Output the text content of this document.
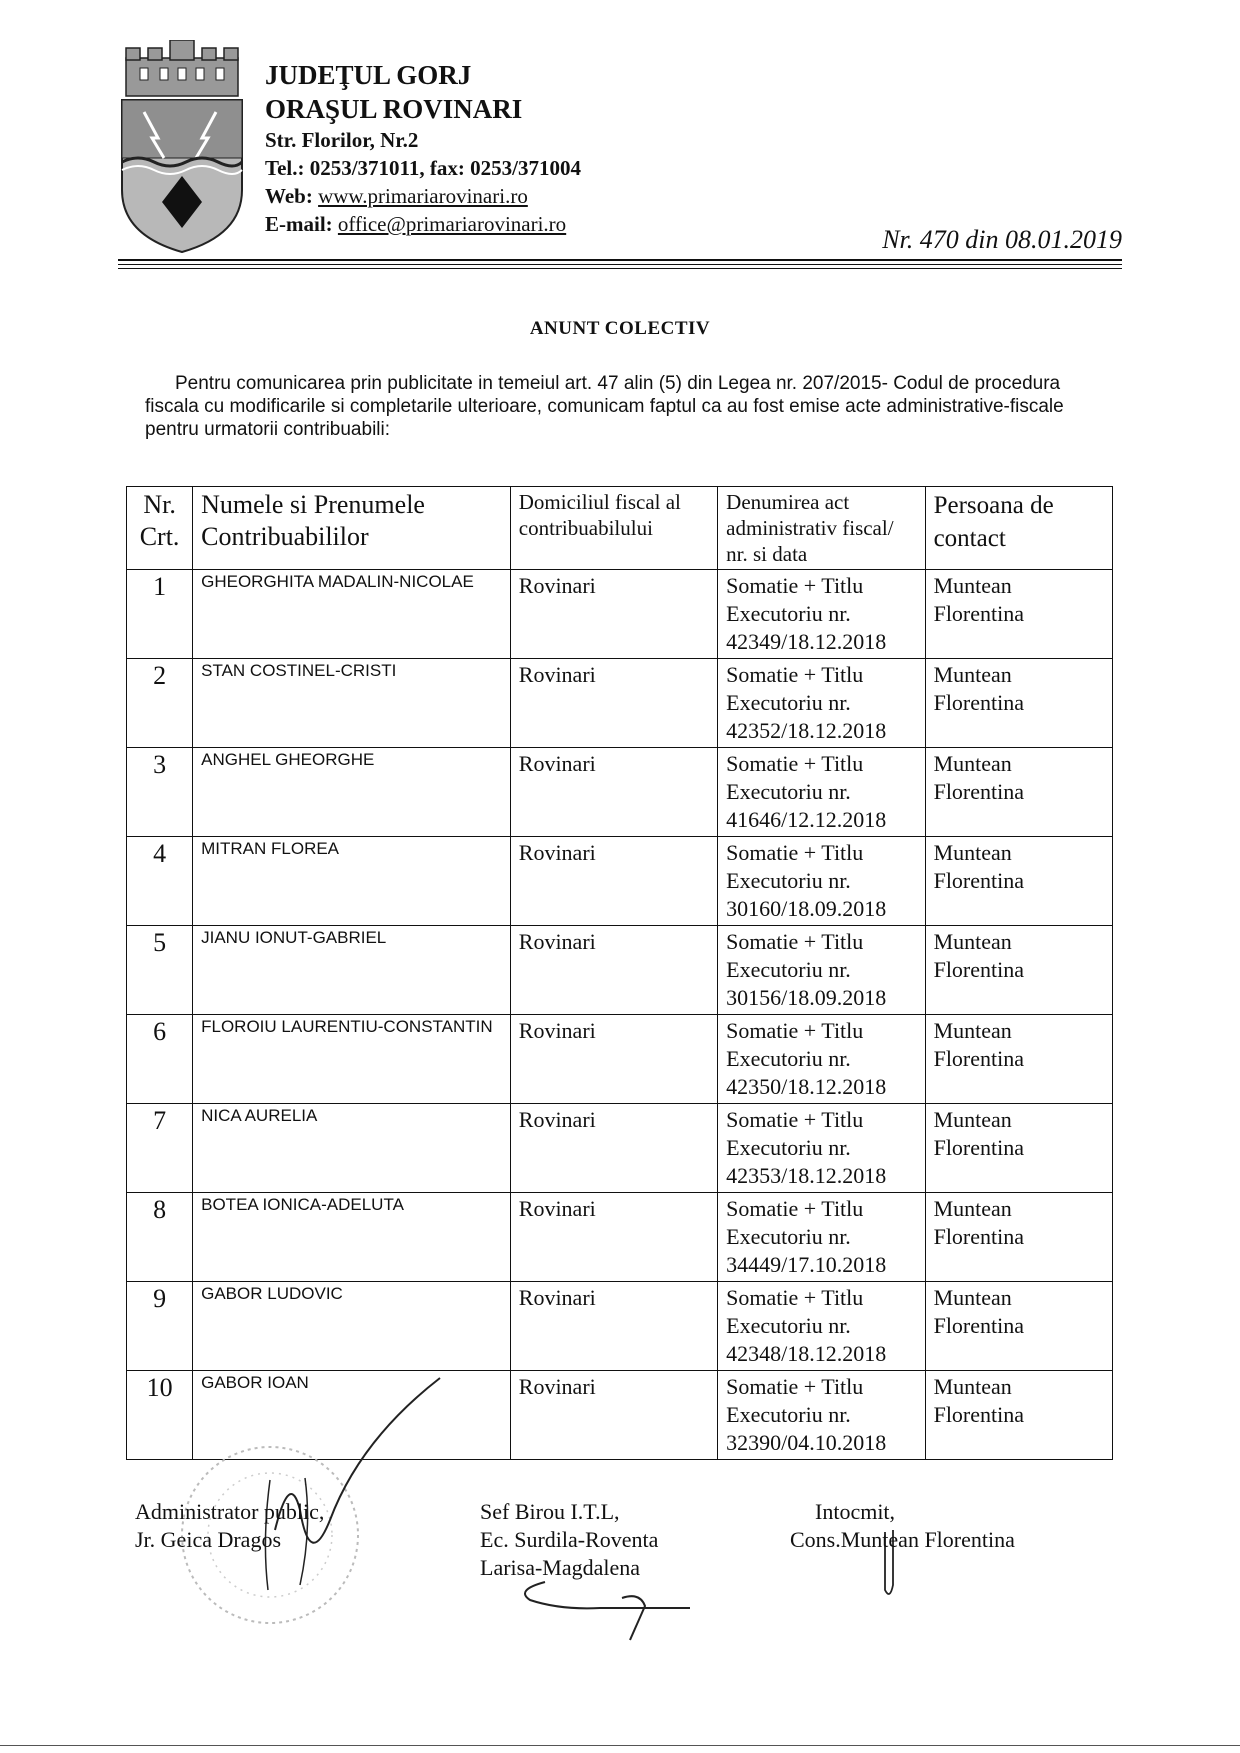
JUDEŢUL GORJ
ORAŞUL ROVINARI
Str. Florilor, Nr.2
Tel.: 0253/371011, fax: 0253/371004
Web: www.primariarovinari.ro
E-mail: office@primariarovinari.ro
Nr. 470 din 08.01.2019
ANUNT COLECTIV
Pentru comunicarea prin publicitate in temeiul art. 47 alin (5) din Legea nr. 207/2015- Codul de procedura fiscala cu modificarile si completarile ulterioare, comunicam faptul ca au fost emise acte administrative-fiscale pentru urmatorii contribuabili:
Nr. Crt.	Numele si Prenumele Contribuabililor	Domiciliul fiscal al contribuabilului	Denumirea act administrativ fiscal/ nr. si data	Persoana de contact
1	GHEORGHITA MADALIN-NICOLAE	Rovinari	Somatie + Titlu Executoriu nr. 42349/18.12.2018	Muntean Florentina
2	STAN COSTINEL-CRISTI	Rovinari	Somatie + Titlu Executoriu nr. 42352/18.12.2018	Muntean Florentina
3	ANGHEL GHEORGHE	Rovinari	Somatie + Titlu Executoriu nr. 41646/12.12.2018	Muntean Florentina
4	MITRAN FLOREA	Rovinari	Somatie + Titlu Executoriu nr. 30160/18.09.2018	Muntean Florentina
5	JIANU IONUT-GABRIEL	Rovinari	Somatie + Titlu Executoriu nr. 30156/18.09.2018	Muntean Florentina
6	FLOROIU LAURENTIU-CONSTANTIN	Rovinari	Somatie + Titlu Executoriu nr. 42350/18.12.2018	Muntean Florentina
7	NICA AURELIA	Rovinari	Somatie + Titlu Executoriu nr. 42353/18.12.2018	Muntean Florentina
8	BOTEA IONICA-ADELUTA	Rovinari	Somatie + Titlu Executoriu nr. 34449/17.10.2018	Muntean Florentina
9	GABOR LUDOVIC	Rovinari	Somatie + Titlu Executoriu nr. 42348/18.12.2018	Muntean Florentina
10	GABOR IOAN	Rovinari	Somatie + Titlu Executoriu nr. 32390/04.10.2018	Muntean Florentina
Administrator public,
Jr. Geica Dragos
Sef Birou I.T.L,
Ec. Surdila-Roventa
Larisa-Magdalena
Intocmit,
Cons.Muntean Florentina
